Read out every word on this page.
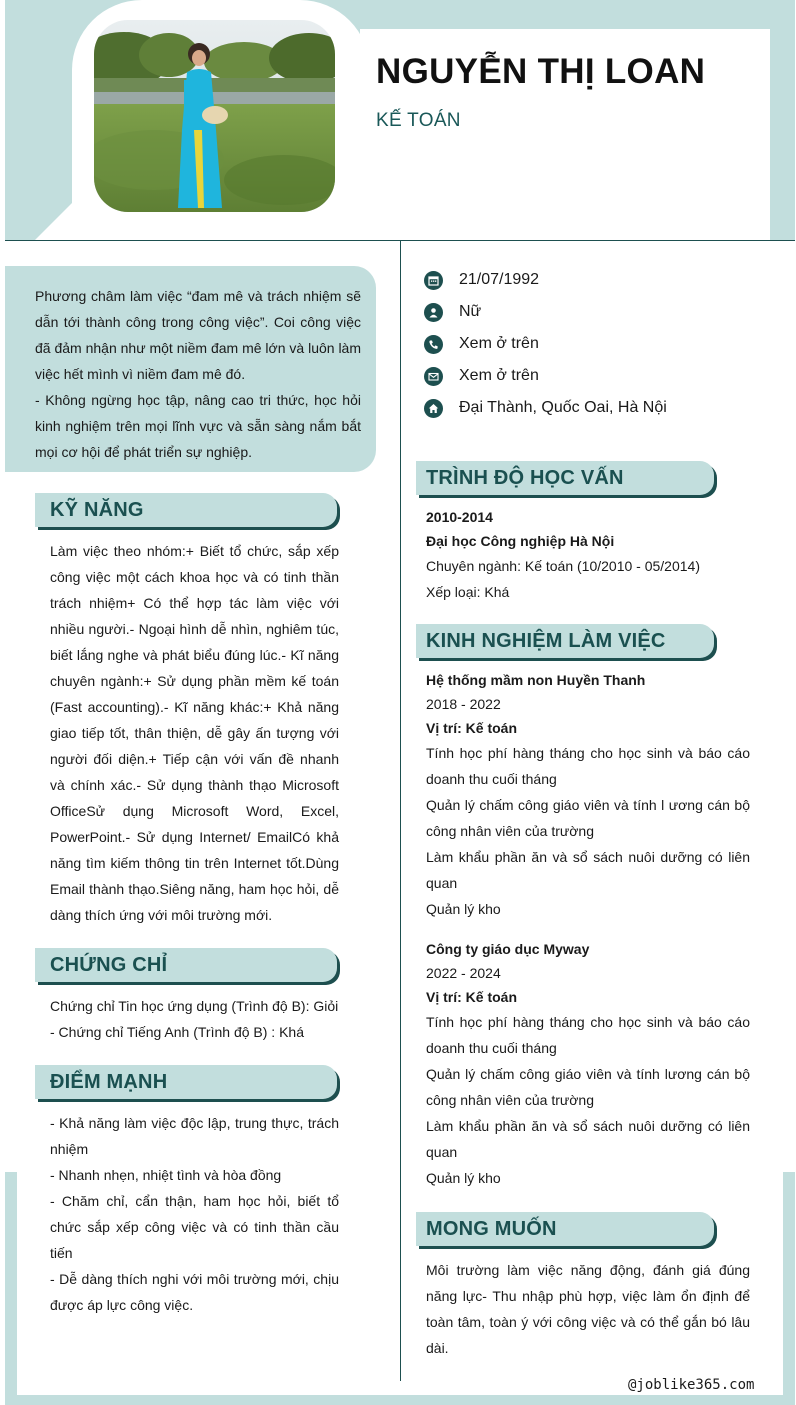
NGUYỄN THỊ LOAN
KẾ TOÁN
Phương châm làm việc “đam mê và trách nhiệm sẽ dẫn tới thành công trong công việc”. Coi công việc đã đảm nhận như một niềm đam mê lớn và luôn làm việc hết mình vì niềm đam mê đó.
- Không ngừng học tập, nâng cao tri thức, học hỏi kinh nghiệm trên mọi lĩnh vực và sẵn sàng nắm bắt mọi cơ hội để phát triển sự nghiệp.
KỸ NĂNG
Làm việc theo nhóm:+ Biết tổ chức, sắp xếp công việc một cách khoa học và có tinh thần trách nhiệm+ Có thể hợp tác làm việc với nhiều người.- Ngoại hình dễ nhìn, nghiêm túc, biết lắng nghe và phát biểu đúng lúc.- Kĩ năng chuyên ngành:+ Sử dụng phần mềm kế toán (Fast accounting).- Kĩ năng khác:+ Khả năng giao tiếp tốt, thân thiện, dễ gây ấn tượng với người đối diện.+ Tiếp cận với vấn đề nhanh và chính xác.- Sử dụng thành thạo Microsoft OfficeSử dụng Microsoft Word, Excel, PowerPoint.- Sử dụng Internet/ EmailCó khả năng tìm kiếm thông tin trên Internet tốt.Dùng Email thành thạo.Siêng năng, ham học hỏi, dễ dàng thích ứng với môi trường mới.
CHỨNG CHỈ
Chứng chỉ Tin học ứng dụng (Trình độ B): Giỏi
- Chứng chỉ Tiếng Anh (Trình độ B) : Khá
ĐIỂM MẠNH
- Khả năng làm việc độc lập, trung thực, trách nhiệm
- Nhanh nhẹn, nhiệt tình và hòa đồng
- Chăm chỉ, cẩn thận, ham học hỏi, biết tổ chức sắp xếp công việc và có tinh thần cầu tiến
- Dễ dàng thích nghi với môi trường mới, chịu được áp lực công việc.
21/07/1992
Nữ
Xem ở trên
Xem ở trên
Đại Thành, Quốc Oai, Hà Nội
TRÌNH ĐỘ HỌC VẤN
2010-2014
Đại học Công nghiệp Hà Nội
Chuyên ngành: Kế toán (10/2010 - 05/2014)
Xếp loại: Khá
KINH NGHIỆM LÀM VIỆC
Hệ thống mầm non Huyền Thanh
2018 - 2022
Vị trí: Kế toán
Tính học phí hàng tháng cho học sinh và báo cáo doanh thu cuối tháng
Quản lý chấm công giáo viên và tính l ương cán bộ công nhân viên của trường
Làm khẩu phần ăn và sổ sách nuôi dưỡng có liên quan
Quản lý kho
Công ty giáo dục Myway
2022 - 2024
Vị trí: Kế toán
Tính học phí hàng tháng cho học sinh và báo cáo doanh thu cuối tháng
Quản lý chấm công giáo viên và tính lương cán bộ công nhân viên của trường
Làm khẩu phần ăn và sổ sách nuôi dưỡng có liên quan
Quản lý kho
MONG MUỐN
Môi trường làm việc năng động, đánh giá đúng năng lực- Thu nhập phù hợp, việc làm ổn định để toàn tâm, toàn ý với công việc và có thể gắn bó lâu dài.
@joblike365.com
